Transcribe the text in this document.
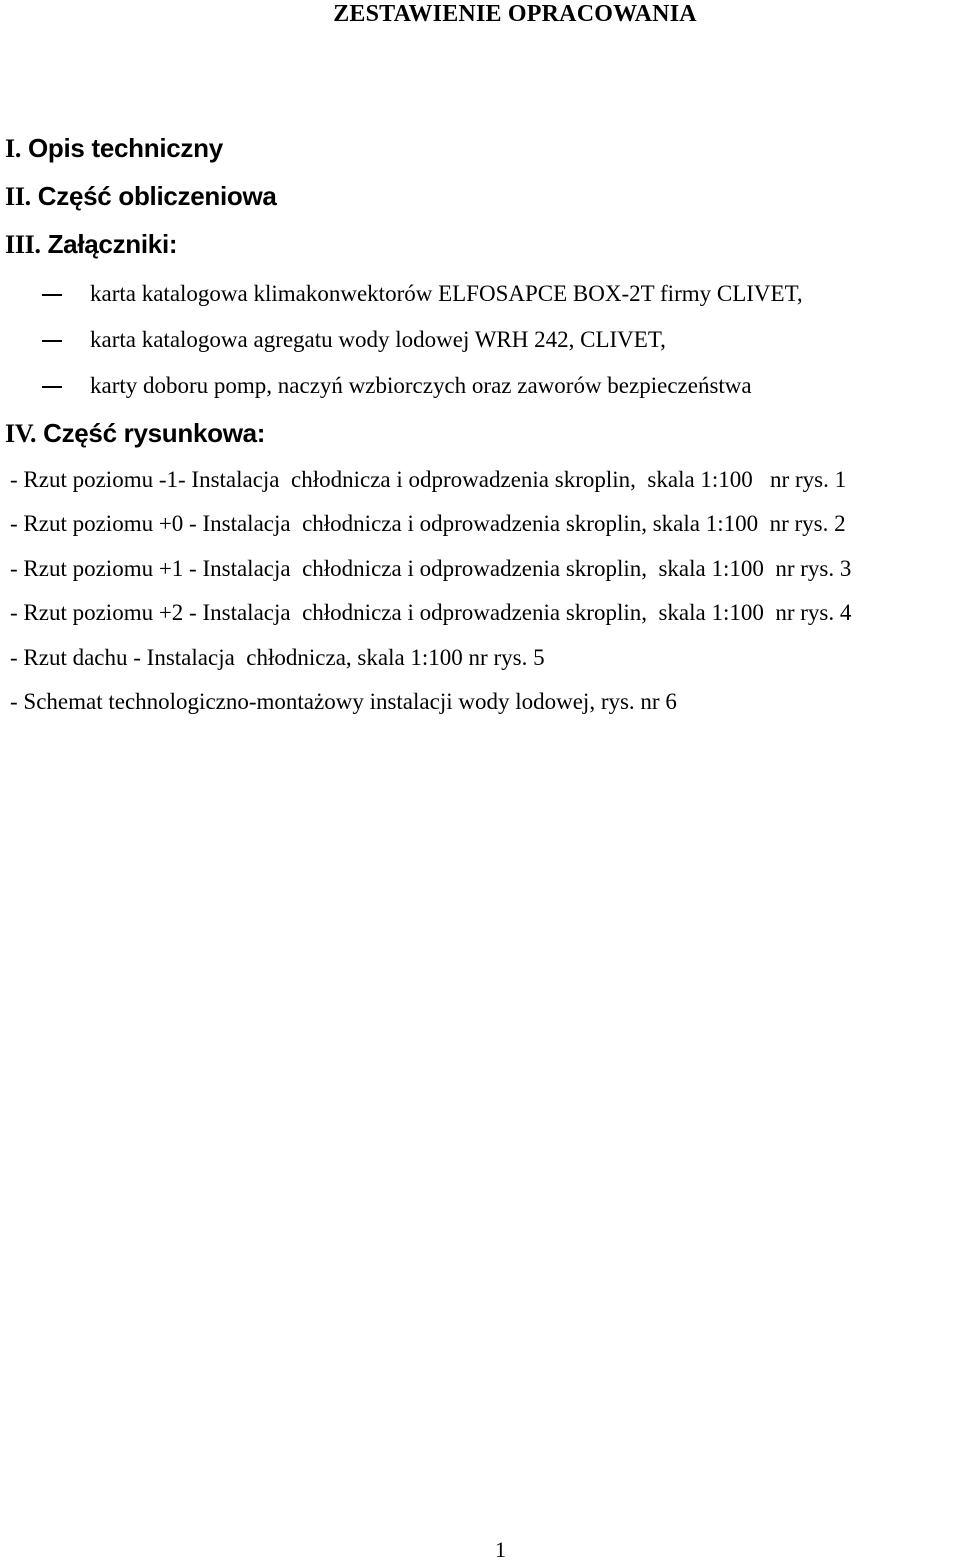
ZESTAWIENIE OPRACOWANIA
I. Opis techniczny
II. Część obliczeniowa
III. Załączniki:
karta katalogowa klimakonwektorów ELFOSAPCE BOX-2T firmy CLIVET,
karta katalogowa agregatu wody lodowej WRH 242, CLIVET,
karty doboru pomp, naczyń wzbiorczych oraz zaworów bezpieczeństwa
IV. Część rysunkowa:
- Rzut poziomu -1- Instalacja  chłodnicza i odprowadzenia skroplin,  skala 1:100   nr rys. 1
- Rzut poziomu +0 - Instalacja  chłodnicza i odprowadzenia skroplin, skala 1:100  nr rys. 2
- Rzut poziomu +1 - Instalacja  chłodnicza i odprowadzenia skroplin,  skala 1:100  nr rys. 3
- Rzut poziomu +2 - Instalacja  chłodnicza i odprowadzenia skroplin,  skala 1:100  nr rys. 4
- Rzut dachu - Instalacja  chłodnicza, skala 1:100 nr rys. 5
- Schemat technologiczno-montażowy instalacji wody lodowej, rys. nr 6
1
